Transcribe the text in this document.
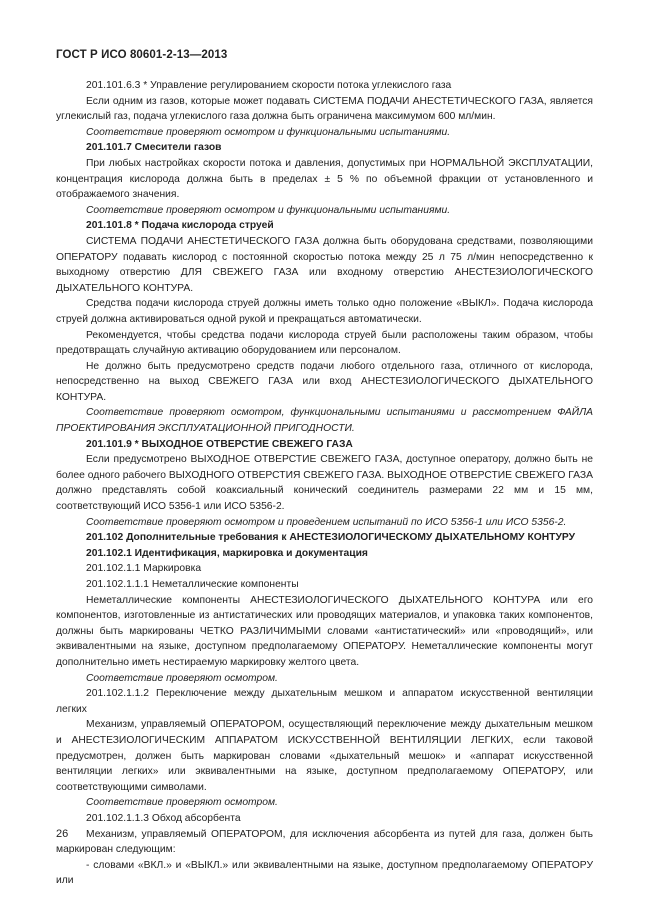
ГОСТ Р ИСО 80601-2-13—2013

201.101.6.3 * Управление регулированием скорости потока углекислого газа

Если одним из газов, которые может подавать СИСТЕМА ПОДАЧИ АНЕСТЕТИЧЕСКОГО ГАЗА, является углекислый газ, подача углекислого газа должна быть ограничена максимумом 600 мл/мин.

Соответствие проверяют осмотром и функциональными испытаниями.

201.101.7 Смесители газов

При любых настройках скорости потока и давления, допустимых при НОРМАЛЬНОЙ ЭКСПЛУАТАЦИИ, концентрация кислорода должна быть в пределах ± 5 % по объемной фракции от установленного и отображаемого значения.

Соответствие проверяют осмотром и функциональными испытаниями.

201.101.8 * Подача кислорода струей

СИСТЕМА ПОДАЧИ АНЕСТЕТИЧЕСКОГО ГАЗА должна быть оборудована средствами, позволяющими ОПЕРАТОРУ подавать кислород с постоянной скоростью потока между 25 л 75 л/мин непосредственно к выходному отверстию ДЛЯ СВЕЖЕГО ГАЗА или входному отверстию АНЕСТЕЗИОЛОГИЧЕСКОГО ДЫХАТЕЛЬНОГО КОНТУРА.

Средства подачи кислорода струей должны иметь только одно положение «ВЫКЛ». Подача кислорода струей должна активироваться одной рукой и прекращаться автоматически.

Рекомендуется, чтобы средства подачи кислорода струей были расположены таким образом, чтобы предотвращать случайную активацию оборудованием или персоналом.

Не должно быть предусмотрено средств подачи любого отдельного газа, отличного от кислорода, непосредственно на выход СВЕЖЕГО ГАЗА или вход АНЕСТЕЗИОЛОГИЧЕСКОГО ДЫХАТЕЛЬНОГО КОНТУРА.

Соответствие проверяют осмотром, функциональными испытаниями и рассмотрением ФАЙЛА ПРОЕКТИРОВАНИЯ ЭКСПЛУАТАЦИОННОЙ ПРИГОДНОСТИ.

201.101.9 * ВЫХОДНОЕ ОТВЕРСТИЕ СВЕЖЕГО ГАЗА

Если предусмотрено ВЫХОДНОЕ ОТВЕРСТИЕ СВЕЖЕГО ГАЗА, доступное оператору, должно быть не более одного рабочего ВЫХОДНОГО ОТВЕРСТИЯ СВЕЖЕГО ГАЗА. ВЫХОДНОЕ ОТВЕРСТИЕ СВЕЖЕГО ГАЗА должно представлять собой коаксиальный конический соединитель размерами 22 мм и 15 мм, соответствующий ИСО 5356-1 или ИСО 5356-2.

Соответствие проверяют осмотром и проведением испытаний по ИСО 5356-1 или ИСО 5356-2.

201.102 Дополнительные требования к АНЕСТЕЗИОЛОГИЧЕСКОМУ ДЫХАТЕЛЬНОМУ КОНТУРУ

201.102.1 Идентификация, маркировка и документация

201.102.1.1 Маркировка

201.102.1.1.1 Неметаллические компоненты

Неметаллические компоненты АНЕСТЕЗИОЛОГИЧЕСКОГО ДЫХАТЕЛЬНОГО КОНТУРА или его компонентов, изготовленные из антистатических или проводящих материалов, и упаковка таких компонентов, должны быть маркированы ЧЕТКО РАЗЛИЧИМЫМИ словами «антистатический» или «проводящий», или эквивалентными на языке, доступном предполагаемому ОПЕРАТОРУ. Неметаллические компоненты могут дополнительно иметь нестираемую маркировку желтого цвета.

Соответствие проверяют осмотром.

201.102.1.1.2 Переключение между дыхательным мешком и аппаратом искусственной вентиляции легких

Механизм, управляемый ОПЕРАТОРОМ, осуществляющий переключение между дыхательным мешком и АНЕСТЕЗИОЛОГИЧЕСКИМ АППАРАТОМ ИСКУССТВЕННОЙ ВЕНТИЛЯЦИИ ЛЕГКИХ, если таковой предусмотрен, должен быть маркирован словами «дыхательный мешок» и «аппарат искусственной вентиляции легких» или эквивалентными на языке, доступном предполагаемому ОПЕРАТОРУ, или соответствующими символами.

Соответствие проверяют осмотром.

201.102.1.1.3 Обход абсорбента

Механизм, управляемый ОПЕРАТОРОМ, для исключения абсорбента из путей для газа, должен быть маркирован следующим:

- словами «ВКЛ.» и «ВЫКЛ.» или эквивалентными на языке, доступном предполагаемому ОПЕРАТОРУ или

26
